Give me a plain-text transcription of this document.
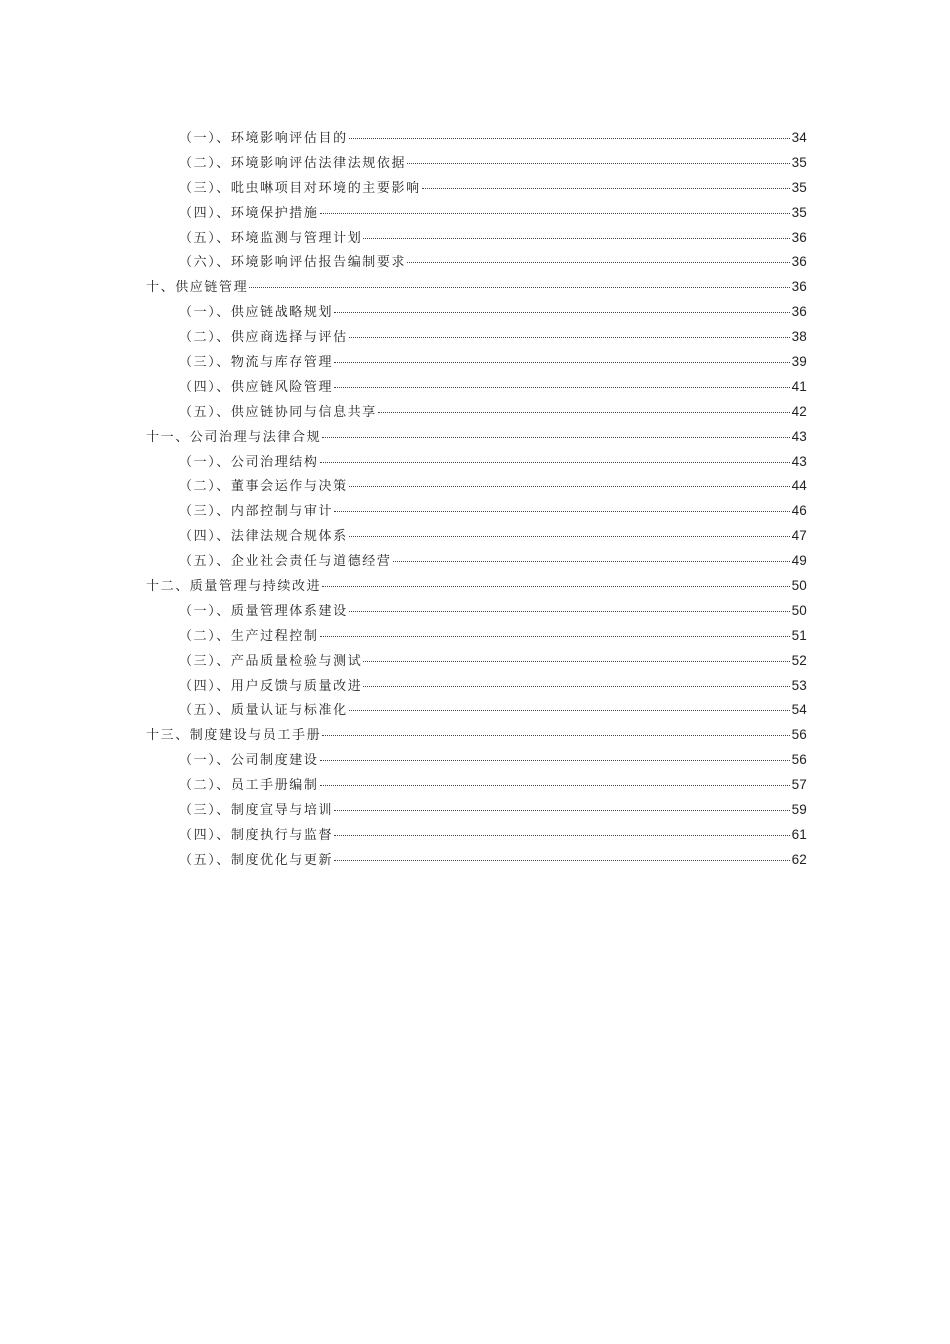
（一）、环境影响评估目的	34
（二）、环境影响评估法律法规依据	35
（三）、吡虫啉项目对环境的主要影响	35
（四）、环境保护措施	35
（五）、环境监测与管理计划	36
（六）、环境影响评估报告编制要求	36
十、供应链管理	36
（一）、供应链战略规划	36
（二）、供应商选择与评估	38
（三）、物流与库存管理	39
（四）、供应链风险管理	41
（五）、供应链协同与信息共享	42
十一、公司治理与法律合规	43
（一）、公司治理结构	43
（二）、董事会运作与决策	44
（三）、内部控制与审计	46
（四）、法律法规合规体系	47
（五）、企业社会责任与道德经营	49
十二、质量管理与持续改进	50
（一）、质量管理体系建设	50
（二）、生产过程控制	51
（三）、产品质量检验与测试	52
（四）、用户反馈与质量改进	53
（五）、质量认证与标准化	54
十三、制度建设与员工手册	56
（一）、公司制度建设	56
（二）、员工手册编制	57
（三）、制度宣导与培训	59
（四）、制度执行与监督	61
（五）、制度优化与更新	62
